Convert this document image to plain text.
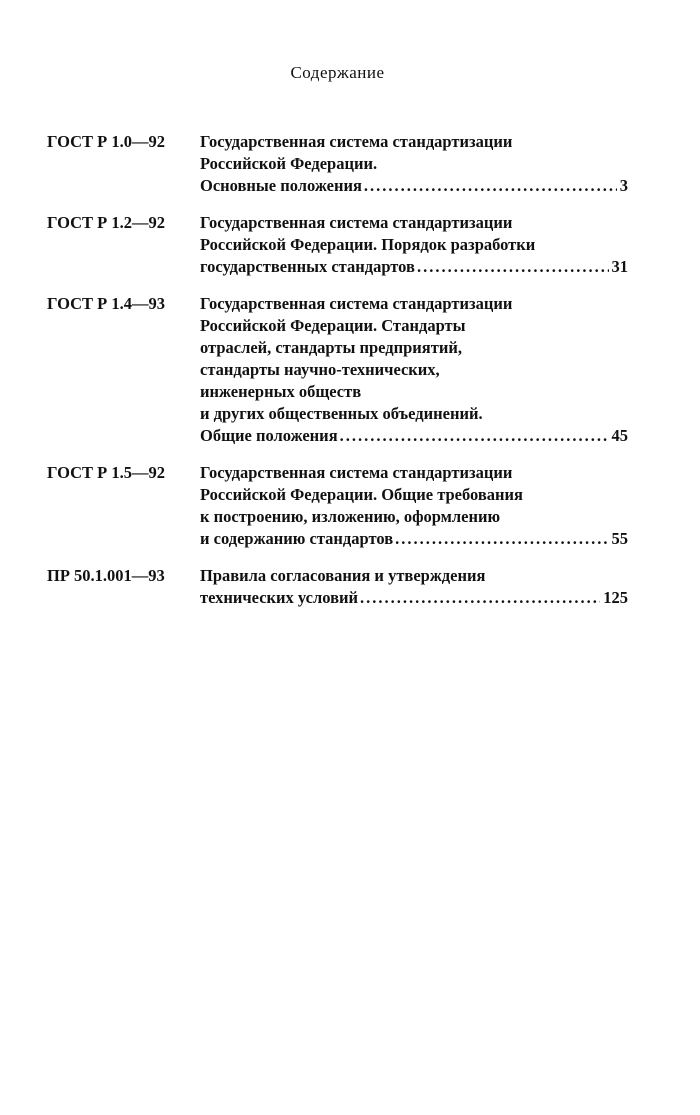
Содержание
ГОСТ Р 1.0—92	Государственная система стандартизации
Российской Федерации.
Основные положения .....	3
ГОСТ Р 1.2—92	Государственная система стандартизации
Российской Федерации. Порядок разработки
государственных стандартов .....	31
ГОСТ Р 1.4—93	Государственная система стандартизации
Российской Федерации. Стандарты
отраслей, стандарты предприятий,
стандарты научно-технических,
инженерных обществ
и других общественных объединений.
Общие положения .....	45
ГОСТ Р 1.5—92	Государственная система стандартизации
Российской Федерации. Общие требования
к построению, изложению, оформлению
и содержанию стандартов .....	55
ПР 50.1.001—93	Правила согласования и утверждения
технических условий .....	125
